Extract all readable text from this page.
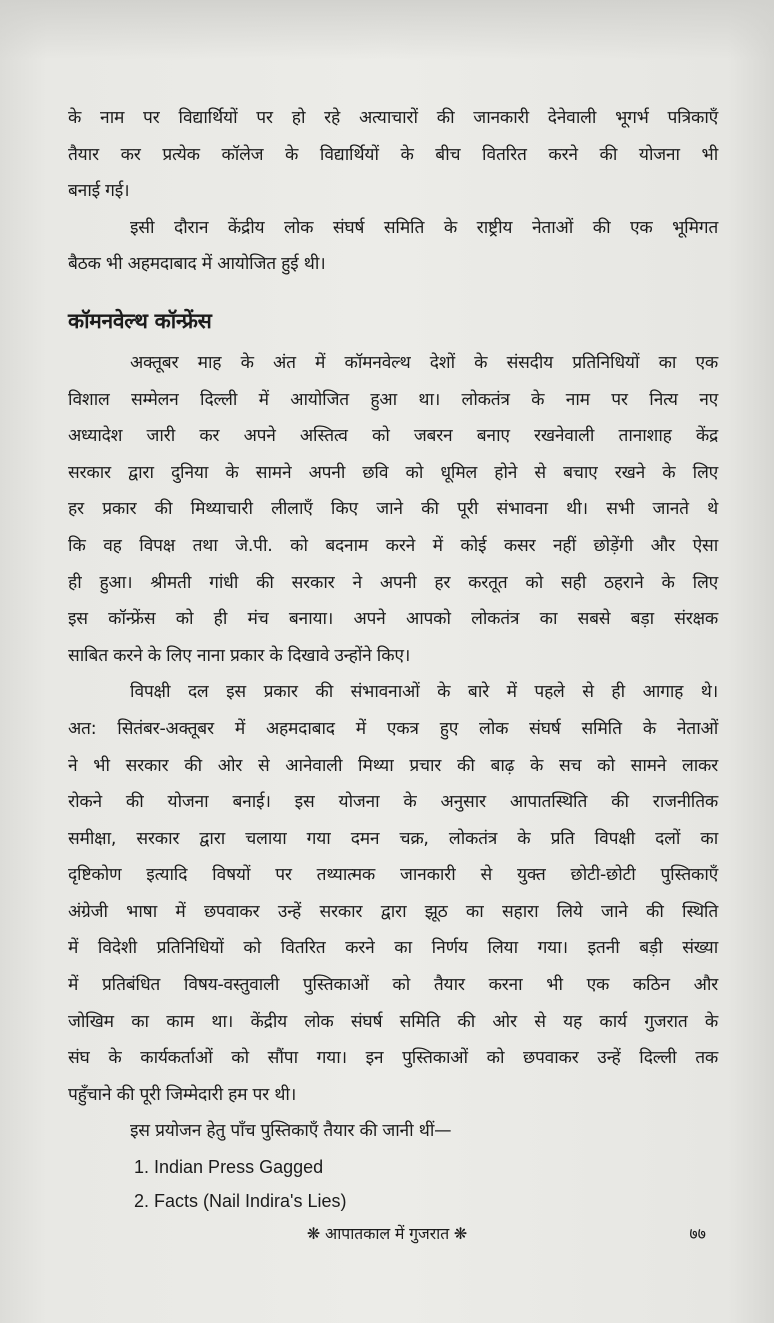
के नाम पर विद्यार्थियों पर हो रहे अत्याचारों की जानकारी देनेवाली भूगर्भ पत्रिकाएँ
तैयार कर प्रत्येक कॉलेज के विद्यार्थियों के बीच वितरित करने की योजना भी
बनाई गई।
इसी दौरान केंद्रीय लोक संघर्ष समिति के राष्ट्रीय नेताओं की एक भूमिगत
बैठक भी अहमदाबाद में आयोजित हुई थी।
कॉमनवेल्थ कॉन्फ्रेंस
अक्तूबर माह के अंत में कॉमनवेल्थ देशों के संसदीय प्रतिनिधियों का एक
विशाल सम्मेलन दिल्ली में आयोजित हुआ था। लोकतंत्र के नाम पर नित्य नए
अध्यादेश जारी कर अपने अस्तित्व को जबरन बनाए रखनेवाली तानाशाह केंद्र
सरकार द्वारा दुनिया के सामने अपनी छवि को धूमिल होने से बचाए रखने के लिए
हर प्रकार की मिथ्याचारी लीलाएँ किए जाने की पूरी संभावना थी। सभी जानते थे
कि वह विपक्ष तथा जे.पी. को बदनाम करने में कोई कसर नहीं छोड़ेंगी और ऐसा
ही हुआ। श्रीमती गांधी की सरकार ने अपनी हर करतूत को सही ठहराने के लिए
इस कॉन्फ्रेंस को ही मंच बनाया। अपने आपको लोकतंत्र का सबसे बड़ा संरक्षक
साबित करने के लिए नाना प्रकार के दिखावे उन्होंने किए।
विपक्षी दल इस प्रकार की संभावनाओं के बारे में पहले से ही आगाह थे।
अत: सितंबर-अक्तूबर में अहमदाबाद में एकत्र हुए लोक संघर्ष समिति के नेताओं
ने भी सरकार की ओर से आनेवाली मिथ्या प्रचार की बाढ़ के सच को सामने लाकर
रोकने की योजना बनाई। इस योजना के अनुसार आपातस्थिति की राजनीतिक
समीक्षा, सरकार द्वारा चलाया गया दमन चक्र, लोकतंत्र के प्रति विपक्षी दलों का
दृष्टिकोण इत्यादि विषयों पर तथ्यात्मक जानकारी से युक्त छोटी-छोटी पुस्तिकाएँ
अंग्रेजी भाषा में छपवाकर उन्हें सरकार द्वारा झूठ का सहारा लिये जाने की स्थिति
में विदेशी प्रतिनिधियों को वितरित करने का निर्णय लिया गया। इतनी बड़ी संख्या
में प्रतिबंधित विषय-वस्तुवाली पुस्तिकाओं को तैयार करना भी एक कठिन और
जोखिम का काम था। केंद्रीय लोक संघर्ष समिति की ओर से यह कार्य गुजरात के
संघ के कार्यकर्ताओं को सौंपा गया। इन पुस्तिकाओं को छपवाकर उन्हें दिल्ली तक
पहुँचाने की पूरी जिम्मेदारी हम पर थी।
इस प्रयोजन हेतु पाँच पुस्तिकाएँ तैयार की जानी थीं—
1. Indian Press Gagged
2. Facts (Nail Indira's Lies)
❋ आपातकाल में गुजरात ❋	७७
